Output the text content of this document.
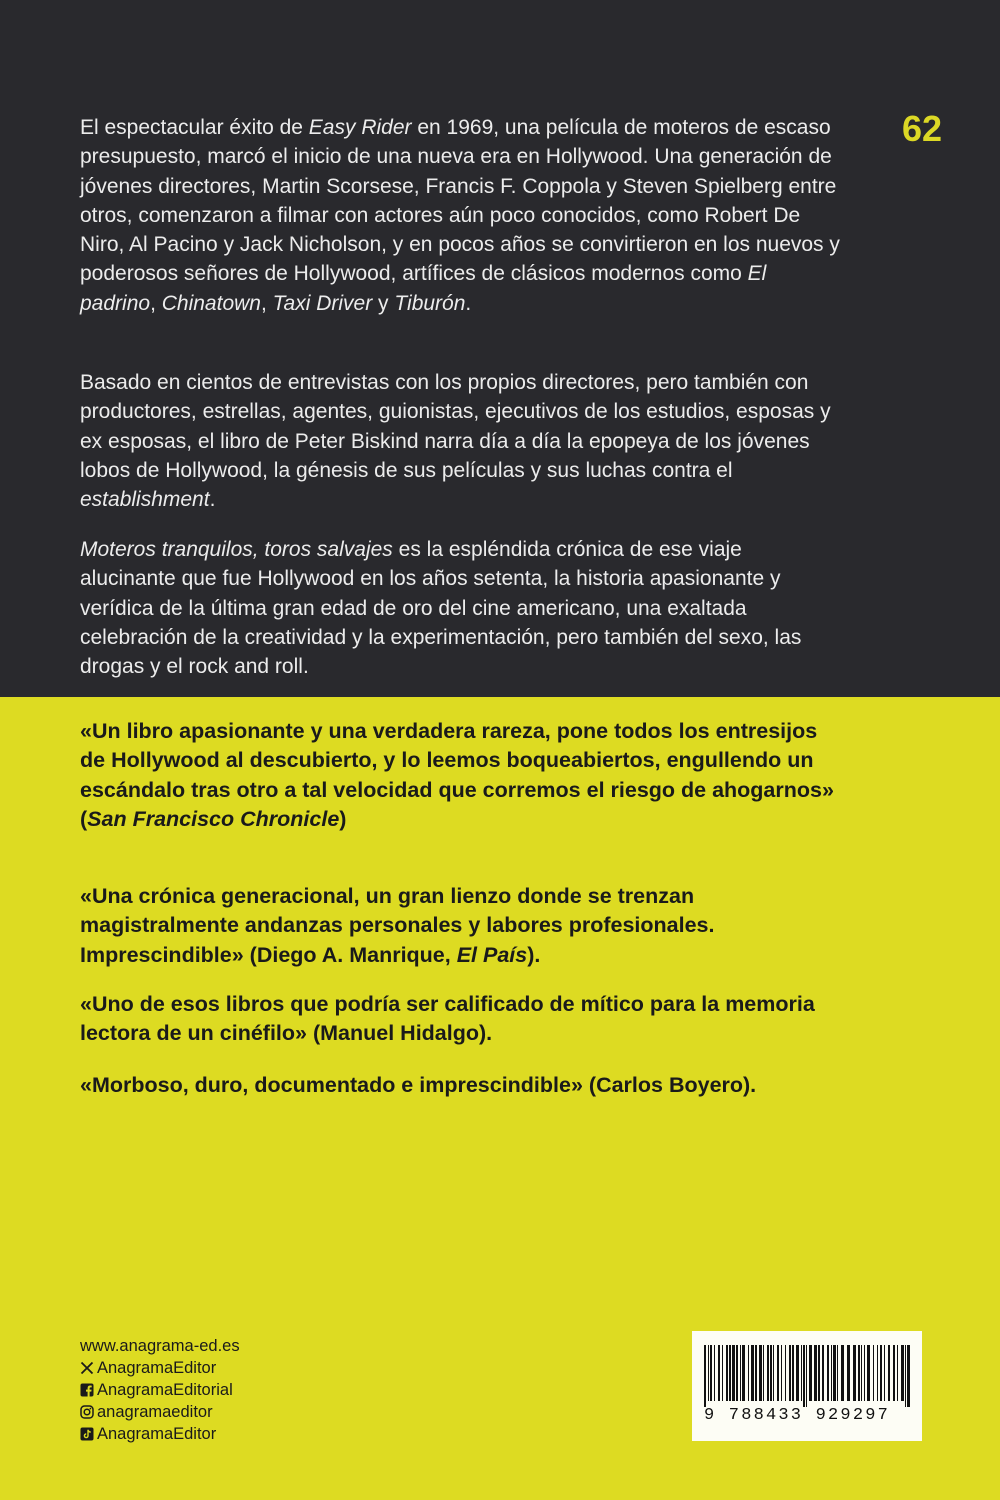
62

El espectacular éxito de Easy Rider en 1969, una película de moteros de escaso presupuesto, marcó el inicio de una nueva era en Hollywood. Una generación de jóvenes directores, Martin Scorsese, Francis F. Coppola y Steven Spielberg entre otros, comenzaron a filmar con actores aún poco conocidos, como Robert De Niro, Al Pacino y Jack Nicholson, y en pocos años se convirtieron en los nuevos y poderosos señores de Hollywood, artífices de clásicos modernos como El padrino, Chinatown, Taxi Driver y Tiburón.

Basado en cientos de entrevistas con los propios directores, pero también con productores, estrellas, agentes, guionistas, ejecutivos de los estudios, esposas y ex esposas, el libro de Peter Biskind narra día a día la epopeya de los jóvenes lobos de Hollywood, la génesis de sus películas y sus luchas contra el establishment.

Moteros tranquilos, toros salvajes es la espléndida crónica de ese viaje alucinante que fue Hollywood en los años setenta, la historia apasionante y verídica de la última gran edad de oro del cine americano, una exaltada celebración de la creatividad y la experimentación, pero también del sexo, las drogas y el rock and roll.

«Un libro apasionante y una verdadera rareza, pone todos los entresijos de Hollywood al descubierto, y lo leemos boqueabiertos, engullendo un escándalo tras otro a tal velocidad que corremos el riesgo de ahogarnos» (San Francisco Chronicle)

«Una crónica generacional, un gran lienzo donde se trenzan magistralmente andanzas personales y labores profesionales. Imprescindible» (Diego A. Manrique, El País).

«Uno de esos libros que podría ser calificado de mítico para la memoria lectora de un cinéfilo» (Manuel Hidalgo).

«Morboso, duro, documentado e imprescindible» (Carlos Boyero).

www.anagrama-ed.es
AnagramaEditor
AnagramaEditorial
anagramaeditor
AnagramaEditor
9 788433 929297
